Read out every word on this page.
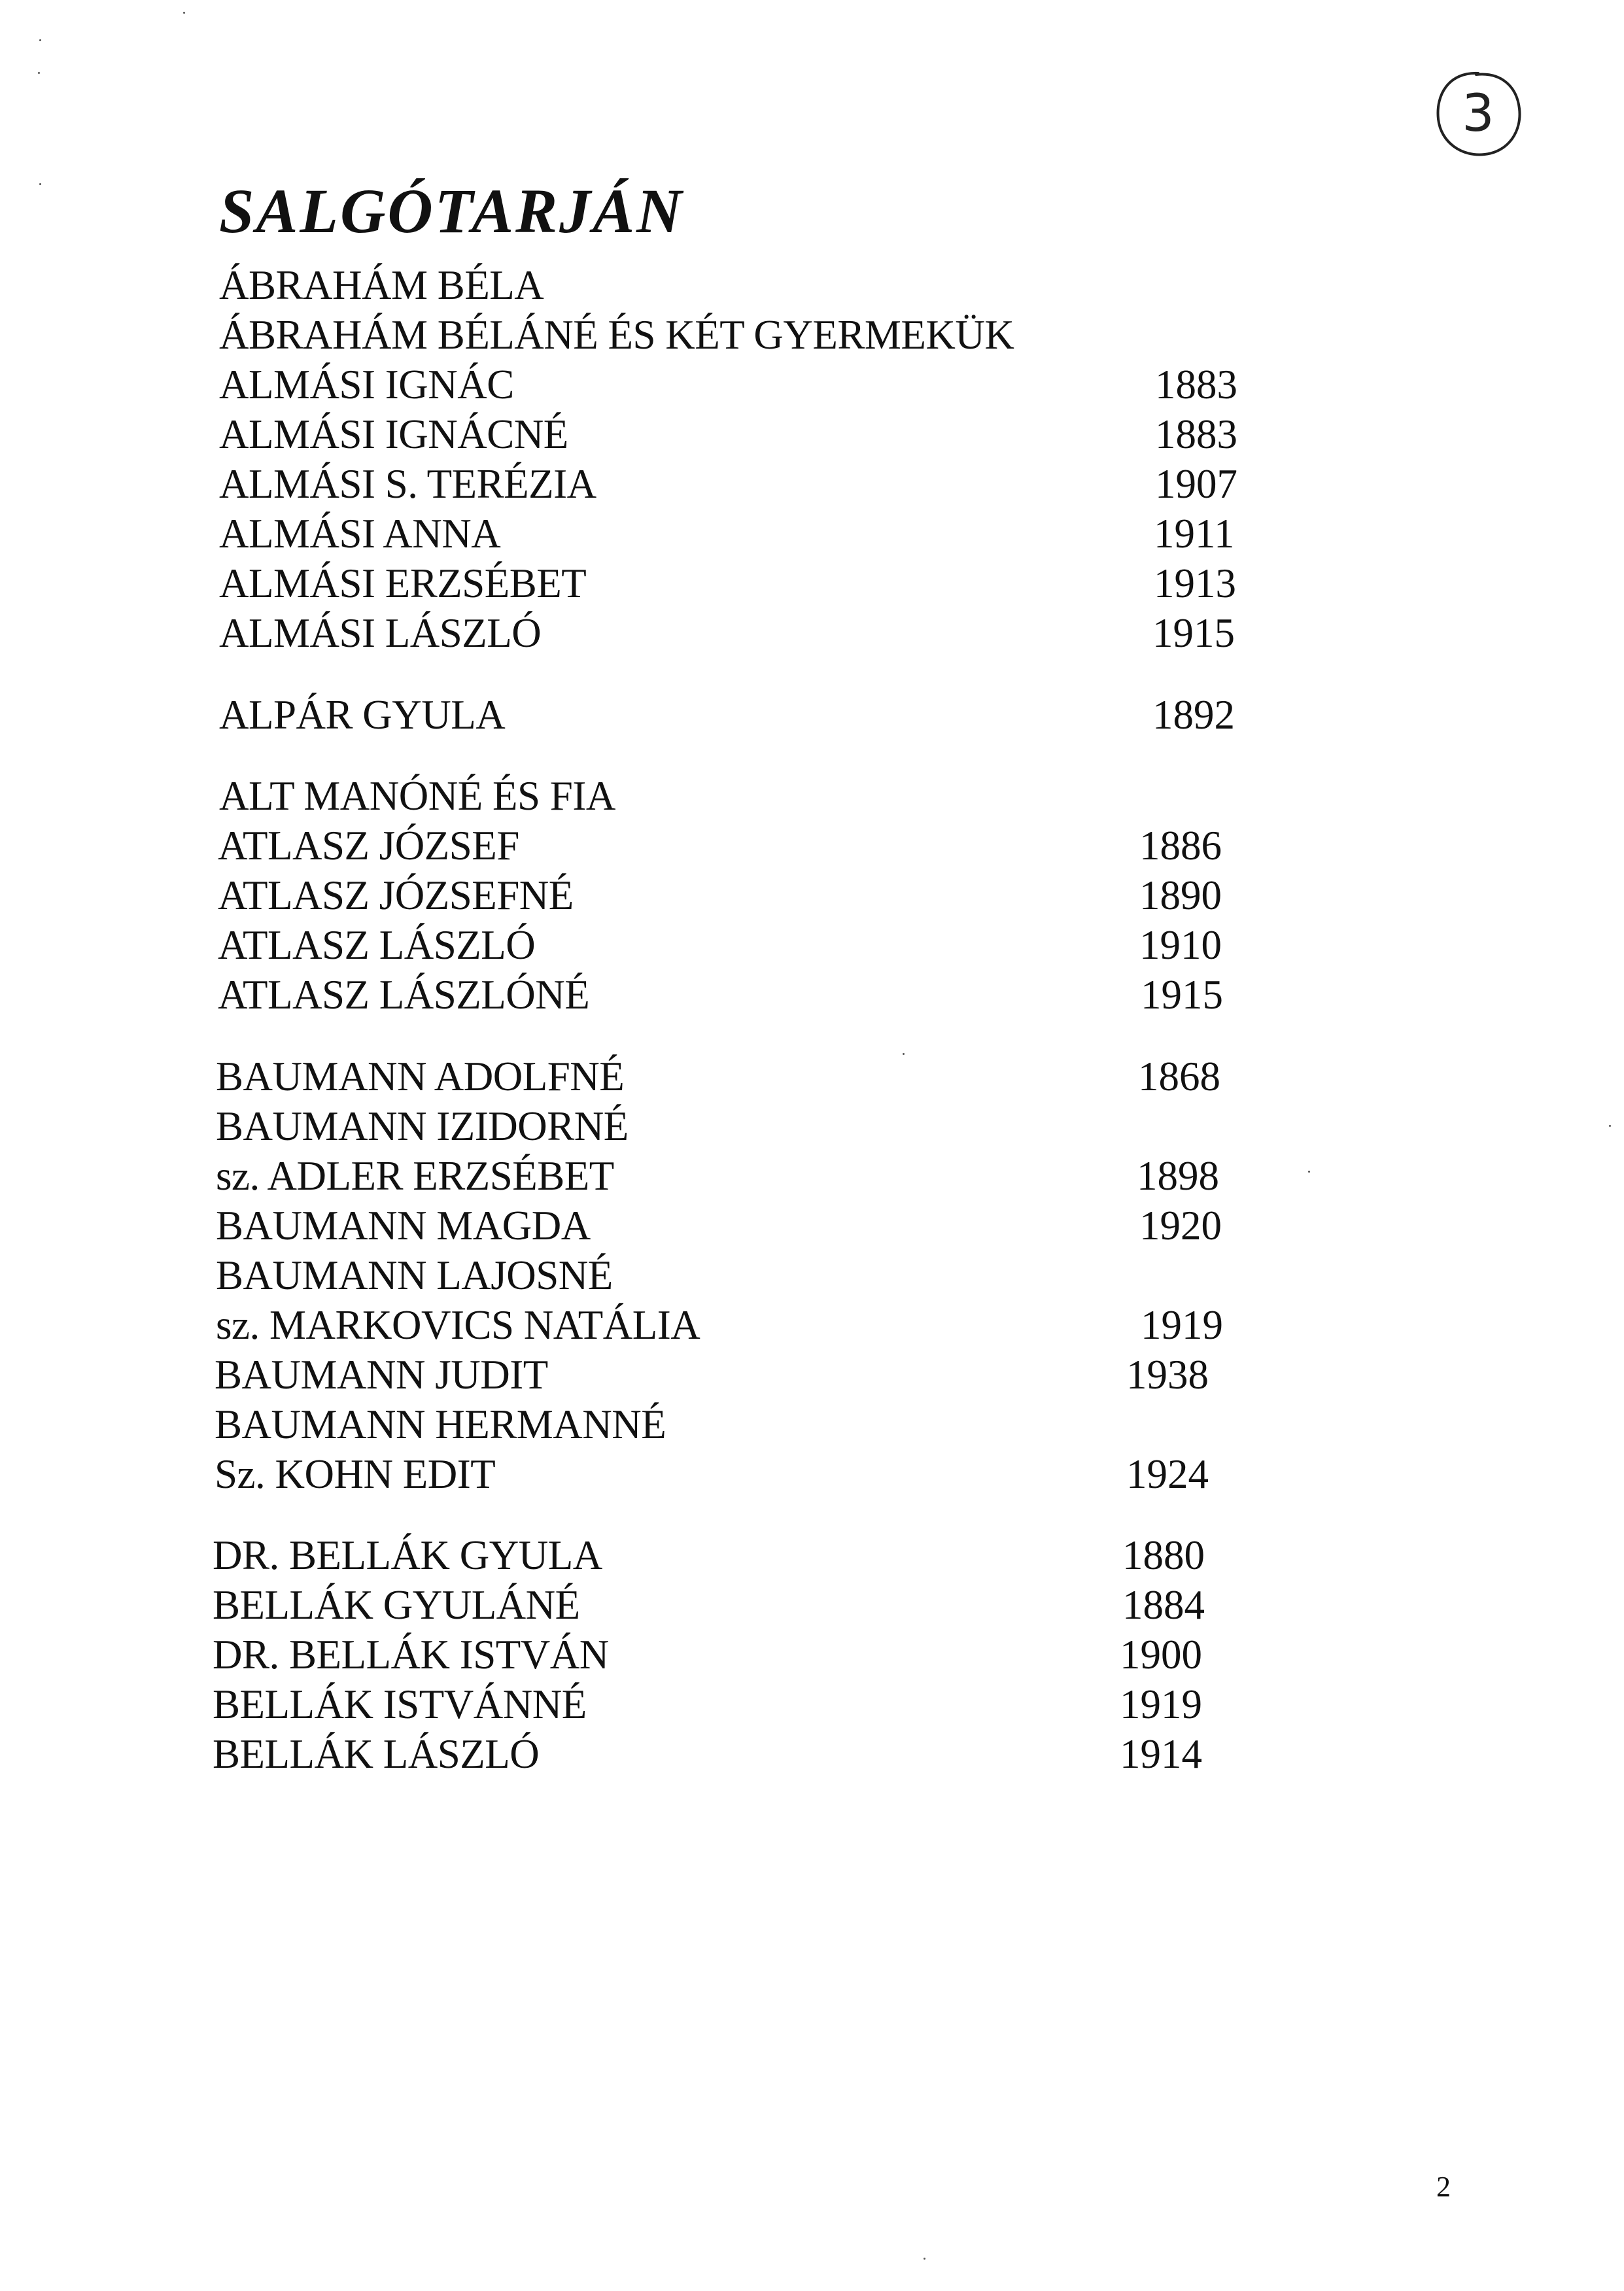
3
SALGÓTARJÁN
ÁBRAHÁM BÉLA
ÁBRAHÁM BÉLÁNÉ ÉS KÉT GYERMEKÜK
ALMÁSI IGNÁC	1883
ALMÁSI IGNÁCNÉ	1883
ALMÁSI S. TERÉZIA	1907
ALMÁSI ANNA	1911
ALMÁSI ERZSÉBET	1913
ALMÁSI LÁSZLÓ	1915
ALPÁR GYULA	1892
ALT MANÓNÉ ÉS FIA
ATLASZ JÓZSEF	1886
ATLASZ JÓZSEFNÉ	1890
ATLASZ LÁSZLÓ	1910
ATLASZ LÁSZLÓNÉ	1915
BAUMANN ADOLFNÉ	1868
BAUMANN IZIDORNÉ
sz. ADLER ERZSÉBET	1898
BAUMANN MAGDA	1920
BAUMANN LAJOSNÉ
sz. MARKOVICS NATÁLIA	1919
BAUMANN JUDIT	1938
BAUMANN HERMANNÉ
Sz. KOHN EDIT	1924
DR. BELLÁK GYULA	1880
BELLÁK GYULÁNÉ	1884
DR. BELLÁK ISTVÁN	1900
BELLÁK ISTVÁNNÉ	1919
BELLÁK LÁSZLÓ	1914
2
